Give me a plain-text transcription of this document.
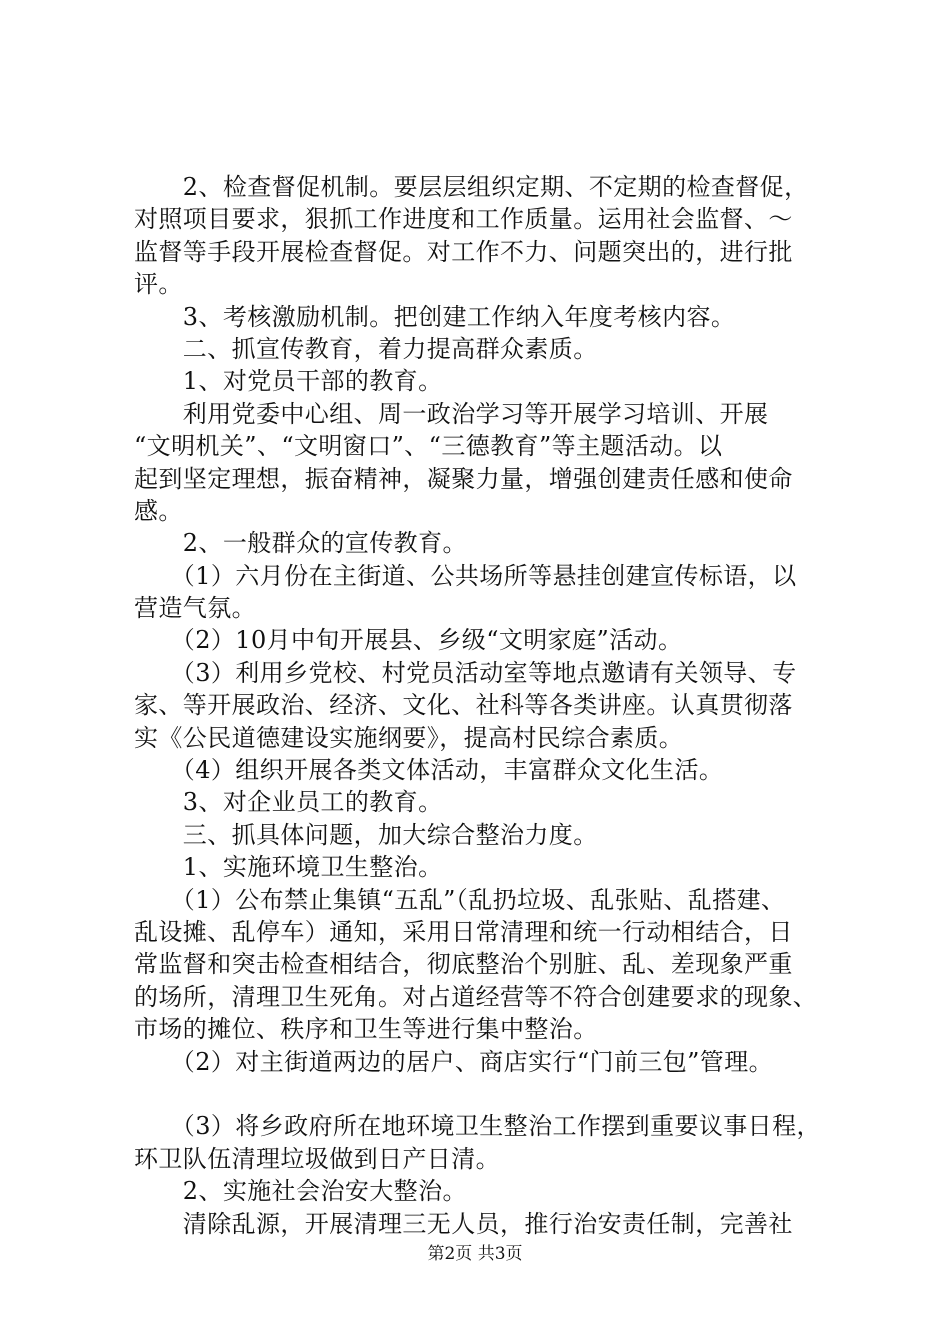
　　2、检查督促机制。要层层组织定期、不定期的检查督促，
对照项目要求，狠抓工作进度和工作质量。运用社会监督、～
监督等手段开展检查督促。对工作不力、问题突出的，进行批
评。
　　3、考核激励机制。把创建工作纳入年度考核内容。
　　二、抓宣传教育，着力提高群众素质。
　　1、对党员干部的教育。
　　利用党委中心组、周一政治学习等开展学习培训、开展
“文明机关”、“文明窗口”、“三德教育”等主题活动。以
起到坚定理想，振奋精神，凝聚力量，增强创建责任感和使命
感。
　　2、一般群众的宣传教育。
　　（1）六月份在主街道、公共场所等悬挂创建宣传标语，以
营造气氛。
　　（2）10月中旬开展县、乡级“文明家庭”活动。
　　（3）利用乡党校、村党员活动室等地点邀请有关领导、专
家、等开展政治、经济、文化、社科等各类讲座。认真贯彻落
实《公民道德建设实施纲要》，提高村民综合素质。
　　（4）组织开展各类文体活动，丰富群众文化生活。
　　3、对企业员工的教育。
　　三、抓具体问题，加大综合整治力度。
　　1、实施环境卫生整治。
　　（1）公布禁止集镇“五乱”（乱扔垃圾、乱张贴、乱搭建、
乱设摊、乱停车）通知，采用日常清理和统一行动相结合，日
常监督和突击检查相结合，彻底整治个别脏、乱、差现象严重
的场所，清理卫生死角。对占道经营等不符合创建要求的现象、
市场的摊位、秩序和卫生等进行集中整治。
　　（2）对主街道两边的居户、商店实行“门前三包”管理。
　　（3）将乡政府所在地环境卫生整治工作摆到重要议事日程，
环卫队伍清理垃圾做到日产日清。
　　2、实施社会治安大整治。
　　清除乱源，开展清理三无人员，推行治安责任制，完善社
第2页 共3页
